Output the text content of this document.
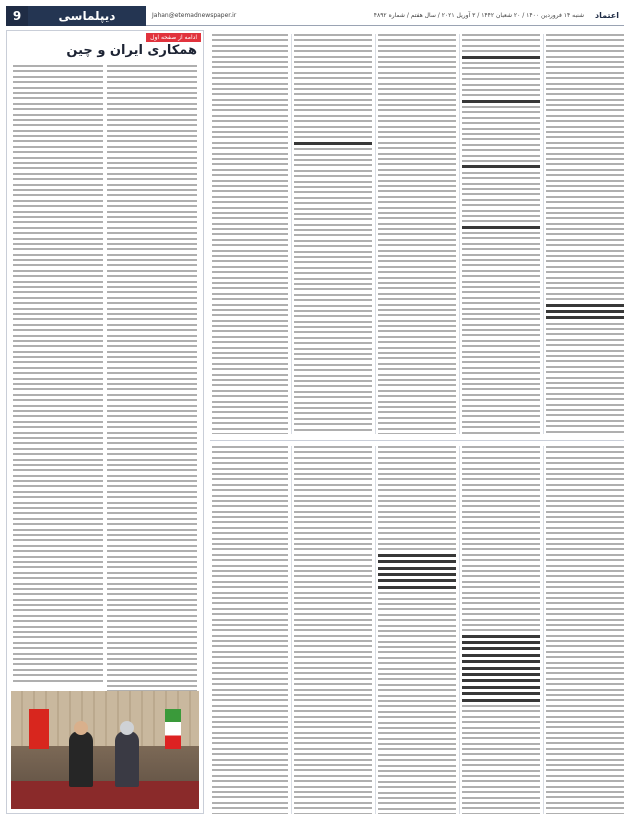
9	دیپلماسی	Jahan@etemadnewspaper.ir	شنبه ۱۴ فروردین ۱۴۰۰ / ۲۰ شعبان ۱۴۴۲ / ۳ آوریل ۲۰۲۱ / سال هفتم / شماره ۴۸۹۲	اعتماد
ادامه از صفحه اول
همکاری ایران و چین
